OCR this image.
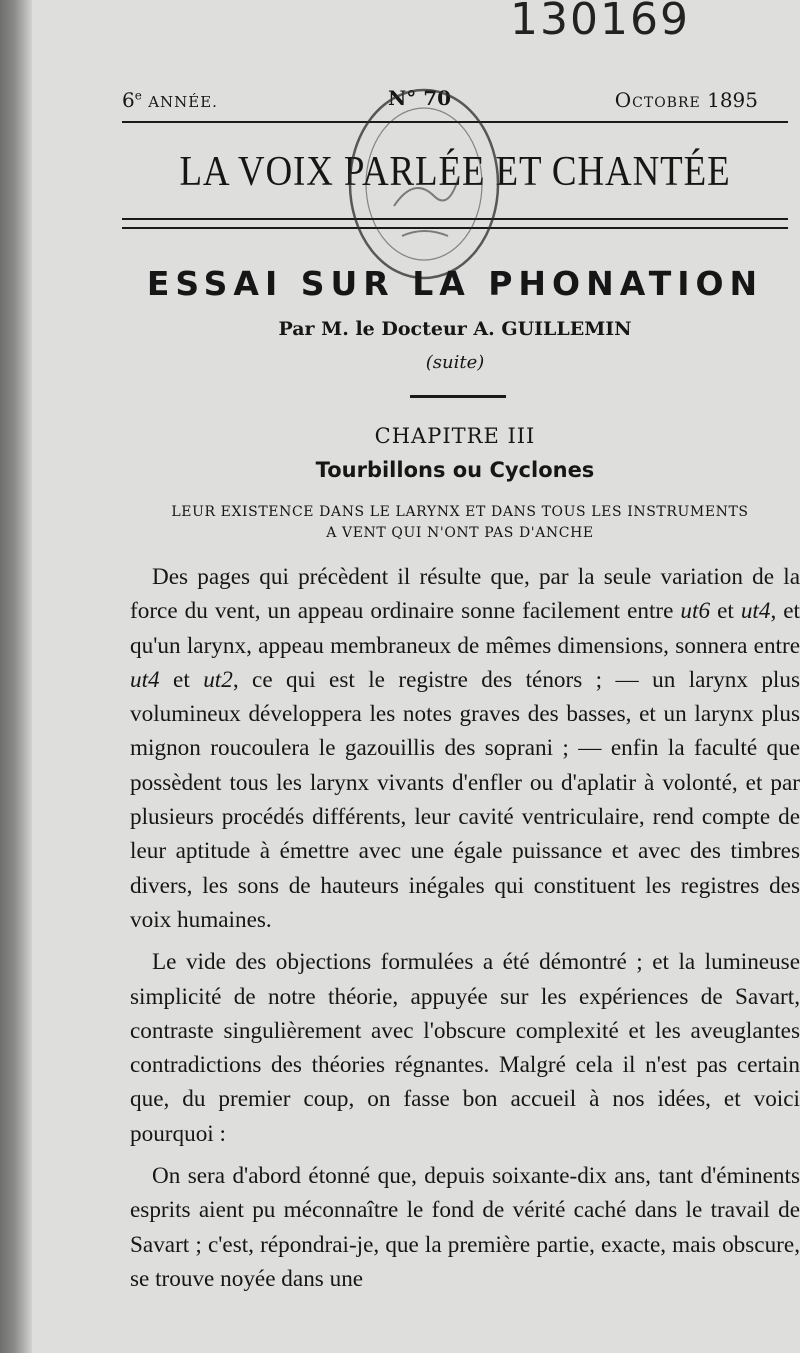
130169
6e ANNÉE.	N° 70	Octobre 1895
LA VOIX PARLÉE ET CHANTÉE
ESSAI SUR LA PHONATION
Par M. le Docteur A. GUILLEMIN
(suite)
CHAPITRE III
Tourbillons ou Cyclones
LEUR EXISTENCE DANS LE LARYNX ET DANS TOUS LES INSTRUMENTS
A VENT QUI N'ONT PAS D'ANCHE

Des pages qui précèdent il résulte que, par la seule variation de la force du vent, un appeau ordinaire sonne facilement entre ut6 et ut4, et qu'un larynx, appeau membraneux de mêmes dimensions, sonnera entre ut4 et ut2, ce qui est le registre des ténors ; — un larynx plus volumineux développera les notes graves des basses, et un larynx plus mignon roucoulera le gazouillis des soprani ; — enfin la faculté que possèdent tous les larynx vivants d'enfler ou d'aplatir à volonté, et par plusieurs procédés différents, leur cavité ventriculaire, rend compte de leur aptitude à émettre avec une égale puissance et avec des timbres divers, les sons de hauteurs inégales qui constituent les registres des voix humaines.

Le vide des objections formulées a été démontré ; et la lumineuse simplicité de notre théorie, appuyée sur les expériences de Savart, contraste singulièrement avec l'obscure complexité et les aveuglantes contradictions des théories régnantes. Malgré cela il n'est pas certain que, du premier coup, on fasse bon accueil à nos idées, et voici pourquoi :

On sera d'abord étonné que, depuis soixante-dix ans, tant d'éminents esprits aient pu méconnaître le fond de vérité caché dans le travail de Savart ; c'est, répondrai-je, que la première partie, exacte, mais obscure, se trouve noyée dans une
